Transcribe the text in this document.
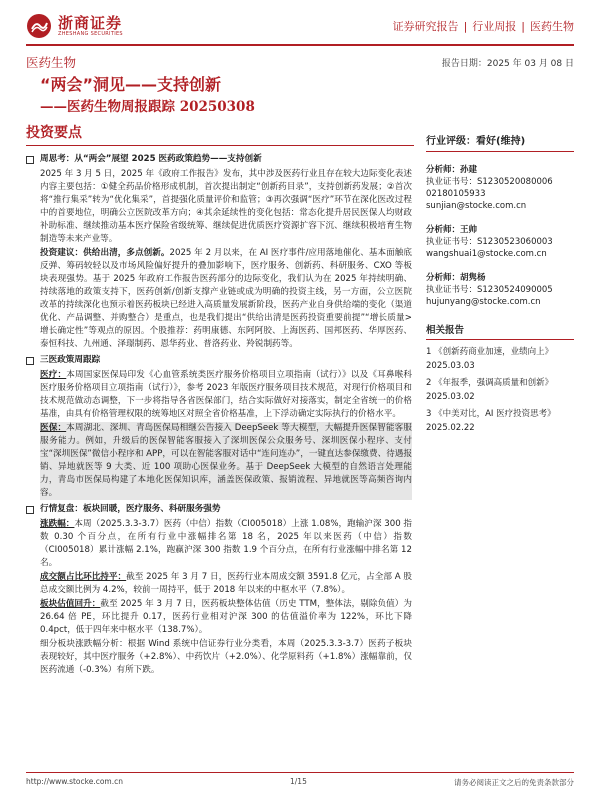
浙商证券
ZHESHANG SECURITIES
证券研究报告 | 行业周报 | 医药生物
医药生物	报告日期：2025 年 03 月 08 日
“两会”洞见——支持创新
——医药生物周报跟踪 20250308
投资要点
周思考：从“两会”展望 2025 医药政策趋势——支持创新

2025 年 3 月 5 日，2025 年《政府工作报告》发布，其中涉及医药行业且存在较大边际变化表述内容主要包括：①健全药品价格形成机制，首次提出制定“创新药目录”，支持创新药发展；②首次将“推行集采”转为“优化集采”，首提强化质量评价和监管；③再次强调“医疗”环节在深化医改过程中的首要地位，明确公立医院改革方向；④其余延续性的变化包括：常态化提升居民医保人均财政补助标准、继续推动基本医疗保险省级统筹、继续促进优质医疗资源扩容下沉、继续积极培育生物制造等未来产业等。

投资建议：供给出清，多点创新。2025 年 2 月以来，在 AI 医疗事件/应用落地催化、基本面触底反弹、筹码较轻以及市场风险偏好提升的叠加影响下，医疗服务、创新药、科研服务、CXO 等板块表现强势。基于 2025 年政府工作报告医药部分的边际变化，我们认为在 2025 年持续明确、持续落地的政策支持下，医药创新/创新支撑产业链或成为明确的投资主线，另一方面，公立医院改革的持续深化也预示着医药板块已经进入高质量发展新阶段，医药产业自身供给端的变化（渠道优化、产品调整、并购整合）是重点，也是我们提出“供给出清是医药投资重要前提”“增长质量>增长确定性”等观点的原因。个股推荐：药明康德、东阿阿胶、上海医药、国邦医药、华厚医药、泰恒科技、九州通、泽璟制药、恩华药业、普洛药业、羚锐制药等。

三医政策周跟踪

医疗：本周国家医保局印发《心血管系统类医疗服务价格项目立项指南（试行）》以及《耳鼻喉科医疗服务价格项目立项指南（试行）》，参考 2023 年版医疗服务项目技术规范，对现行价格项目和技术规范做动态调整，下一步将指导各省医保部门，结合实际做好对接落实，制定全省统一的价格基准，由具有价格管理权限的统筹地区对照全省价格基准，上下浮动确定实际执行的价格水平。

医保：本周湖北、深圳、青岛医保局相继公告接入 DeepSeek 等大模型，大幅提升医保智能客服服务能力。例如，升级后的医保智能客服接入了深圳医保公众服务号、深圳医保小程序、支付宝“深圳医保”微信小程序和 APP，可以在智能客服对话中“连问连办”，一键直达参保缴费、待遇报销、异地就医等 9 大类、近 100 项助心医保业务。基于 DeepSeek 大模型的自然语言处理能力，青岛市医保局构建了本地化医保知识库，涵盖医保政策、报销流程、异地就医等高频咨询内容。

行情复盘：板块回暖，医疗服务、科研服务强势

涨跌幅：本周（2025.3.3-3.7）医药（中信）指数（CI005018）上涨 1.08%，跑输沪深 300 指数 0.30 个百分点，在所有行业中涨幅排名第 18 名，2025 年以来医药（中信）指数（CI005018）累计涨幅 2.1%，跑赢沪深 300 指数 1.9 个百分点，在所有行业涨幅中排名第 12 名。

成交额占比环比持平：截至 2025 年 3 月 7 日，医药行业本周成交额 3591.8 亿元，占全部 A 股总成交额比例为 4.2%，较前一周持平，低于 2018 年以来的中枢水平（7.8%）。

板块估值回升：截至 2025 年 3 月 7 日，医药板块整体估值（历史 TTM，整体法，剔除负值）为 26.64 倍 PE，环比提升 0.17，医药行业相对沪深 300 的估值溢价率为 122%，环比下降 0.4pct，低于四年来中枢水平（138.7%）。

细分板块涨跌幅分析：根据 Wind 系统中信证券行业分类看，本周（2025.3.3-3.7）医药子板块表现较好，其中医疗服务（+2.8%）、中药饮片（+2.0%）、化学原料药（+1.8%）涨幅靠前，仅医药流通（-0.3%）有所下跌。

行业评级：看好(维持)
分析师：孙建
执业证书号：S1230520080006
02180105933
sunjian@stocke.com.cn
分析师：王帅
执业证书号：S1230523060003
wangshuai1@stocke.com.cn
分析师：胡隽杨
执业证书号：S1230524090005
hujunyang@stocke.com.cn
相关报告
1 《创新药商业加速，业绩向上》
2025.03.03
2 《年报季，强调高质量和创新》
2025.03.02
3 《中美对比，AI 医疗投资思考》
2025.02.22
http://www.stocke.com.cn	1/15	请务必阅读正文之后的免责条款部分
